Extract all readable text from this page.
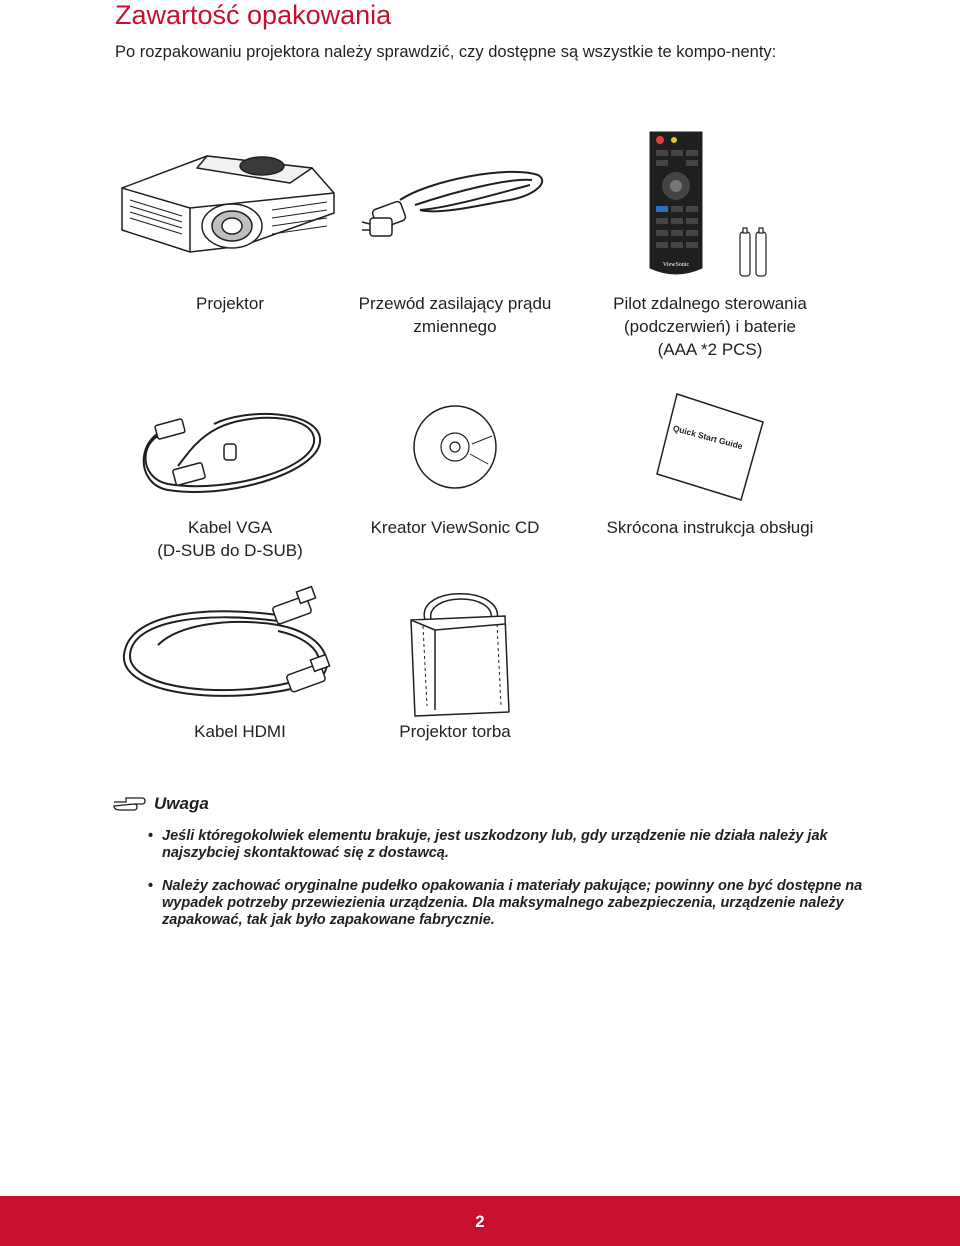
Zawartość opakowania
Po rozpakowaniu projektora należy sprawdzić, czy dostępne są wszystkie te kompo-nenty:
ViewSonic
Projektor	Przewód zasilający prądu
zmiennego
Pilot zdalnego sterowania
(podczerwień) i baterie
(AAA *2 PCS)
Quick Start Guide
Kabel VGA
(D-SUB do D-SUB)
Kreator ViewSonic CD	Skrócona instrukcja obsługi
Kabel HDMI	Projektor torba
Uwaga
• Jeśli któregokolwiek elementu brakuje, jest uszkodzony lub, gdy urządzenie nie działa należy jak najszybciej skontaktować się z dostawcą.
• Należy zachować oryginalne pudełko opakowania i materiały pakujące; powinny one być dostępne na wypadek potrzeby przewiezienia urządzenia. Dla maksymalnego zabezpieczenia, urządzenie należy zapakować, tak jak było zapakowane fabrycznie.
2
